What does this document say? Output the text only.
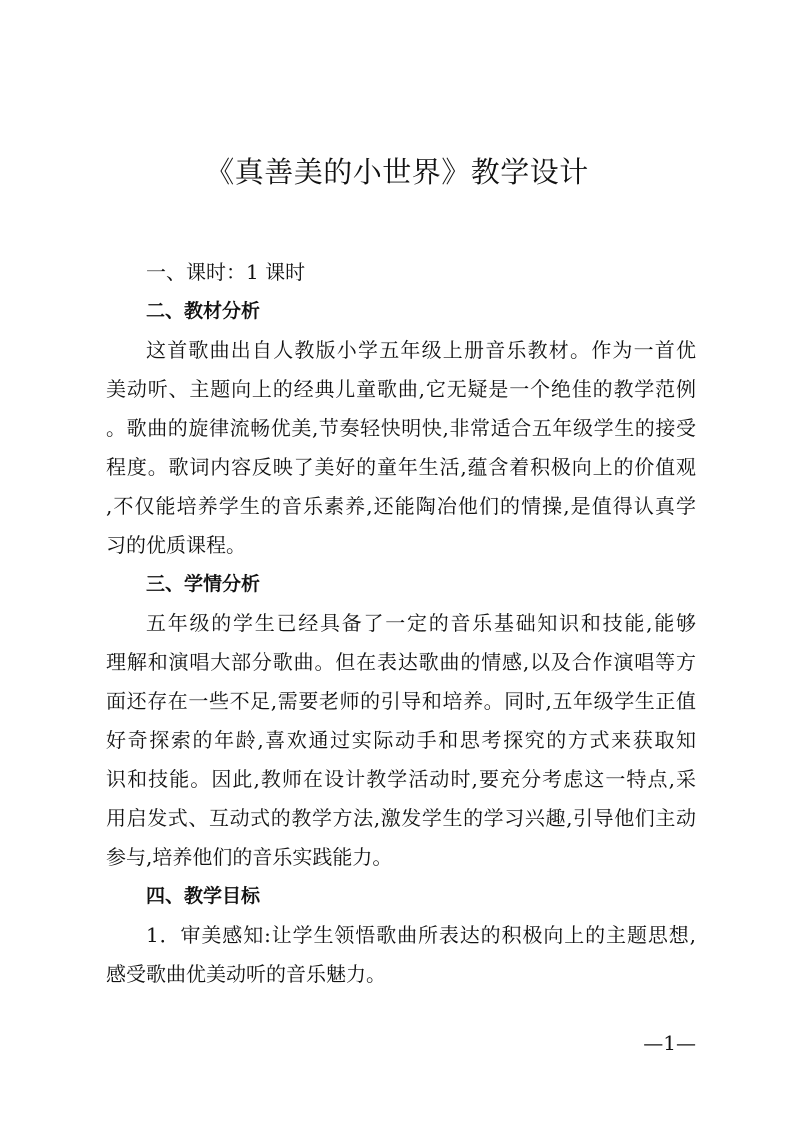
《真善美的小世界》教学设计
一、课时：1 课时
二、教材分析
这首歌曲出自人教版小学五年级上册音乐教材。作为一首优
美动听、主题向上的经典儿童歌曲,它无疑是一个绝佳的教学范例
。歌曲的旋律流畅优美,节奏轻快明快,非常适合五年级学生的接受
程度。歌词内容反映了美好的童年生活,蕴含着积极向上的价值观
,不仅能培养学生的音乐素养,还能陶冶他们的情操,是值得认真学
习的优质课程。
三、学情分析
五年级的学生已经具备了一定的音乐基础知识和技能,能够
理解和演唱大部分歌曲。但在表达歌曲的情感,以及合作演唱等方
面还存在一些不足,需要老师的引导和培养。同时,五年级学生正值
好奇探索的年龄,喜欢通过实际动手和思考探究的方式来获取知
识和技能。因此,教师在设计教学活动时,要充分考虑这一特点,采
用启发式、互动式的教学方法,激发学生的学习兴趣,引导他们主动
参与,培养他们的音乐实践能力。
四、教学目标
1．审美感知:让学生领悟歌曲所表达的积极向上的主题思想,
感受歌曲优美动听的音乐魅力。
—1—
